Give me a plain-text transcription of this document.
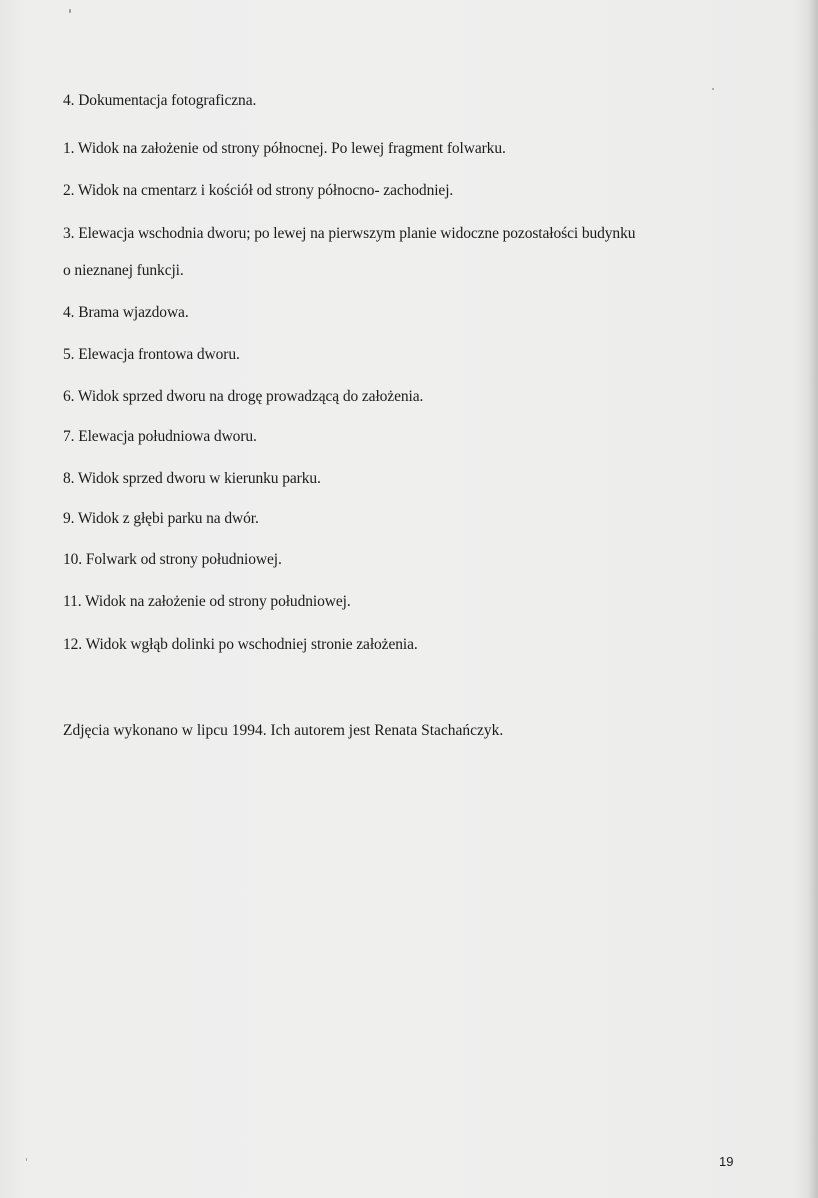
4. Dokumentacja fotograficzna.
1. Widok na założenie od strony północnej. Po lewej fragment folwarku.
2. Widok na cmentarz i kościół od strony północno- zachodniej.
3. Elewacja wschodnia dworu; po lewej na pierwszym planie widoczne pozostałości budynku
o nieznanej funkcji.
4. Brama wjazdowa.
5. Elewacja frontowa dworu.
6. Widok sprzed dworu na drogę prowadzącą do założenia.
7. Elewacja południowa dworu.
8. Widok sprzed dworu w kierunku parku.
9. Widok z głębi parku na dwór.
10. Folwark od strony południowej.
11. Widok na założenie od strony południowej.
12. Widok wgłąb dolinki po wschodniej stronie założenia.
Zdjęcia wykonano w lipcu 1994. Ich autorem jest Renata Stachańczyk.
19
